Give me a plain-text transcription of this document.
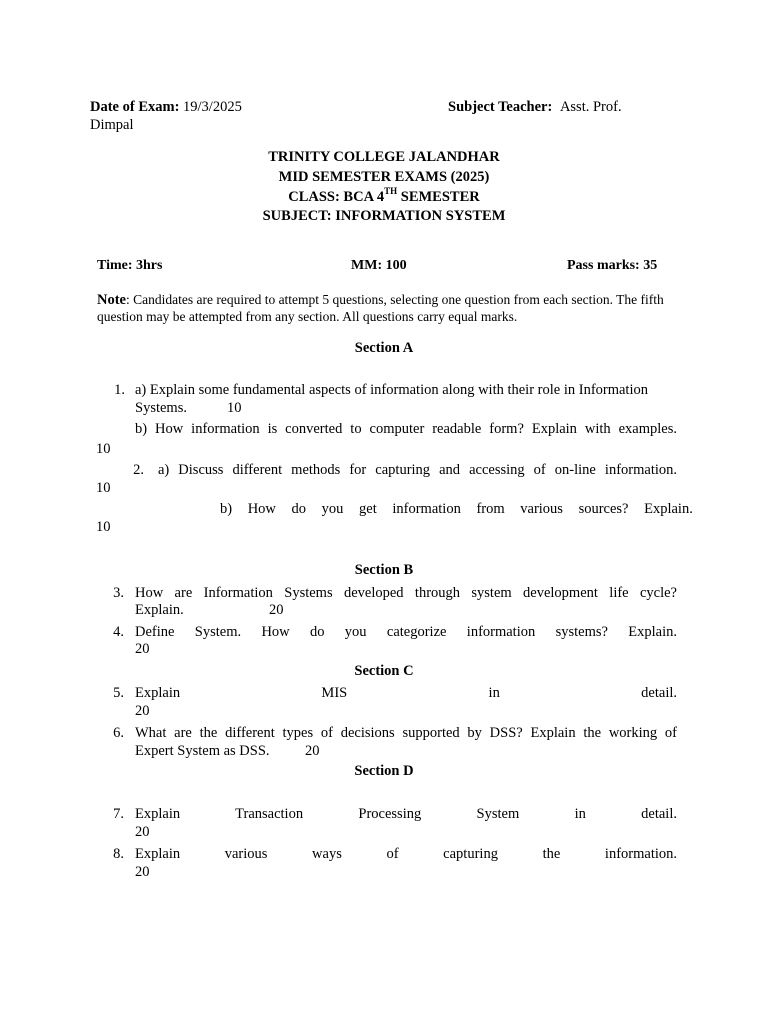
Date of Exam: 19/3/2025	Subject Teacher: Asst. Prof.
Dimpal
TRINITY COLLEGE JALANDHAR
MID SEMESTER EXAMS (2025)
CLASS: BCA 4TH SEMESTER
SUBJECT: INFORMATION SYSTEM
Time: 3hrs	MM: 100	Pass marks: 35
Note: Candidates are required to attempt 5 questions, selecting one question from each section. The fifth
question may be attempted from any section. All questions carry equal marks.
Section A
1. a) Explain some fundamental aspects of information along with their role in Information
Systems.	10
b) How information is converted to computer readable form? Explain with examples.
10
2. a) Discuss different methods for capturing and accessing of on-line information.
10
b) How do you get information from various sources? Explain.
10
Section B
3. How are Information Systems developed through system development life cycle?
Explain.	20
4. Define System. How do you categorize information systems? Explain.
20
Section C
5. Explain MIS in detail.
20
6. What are the different types of decisions supported by DSS? Explain the working of
Expert System as DSS. 20
Section D
7. Explain Transaction Processing System in detail.
20
8. Explain various ways of capturing the information.
20
